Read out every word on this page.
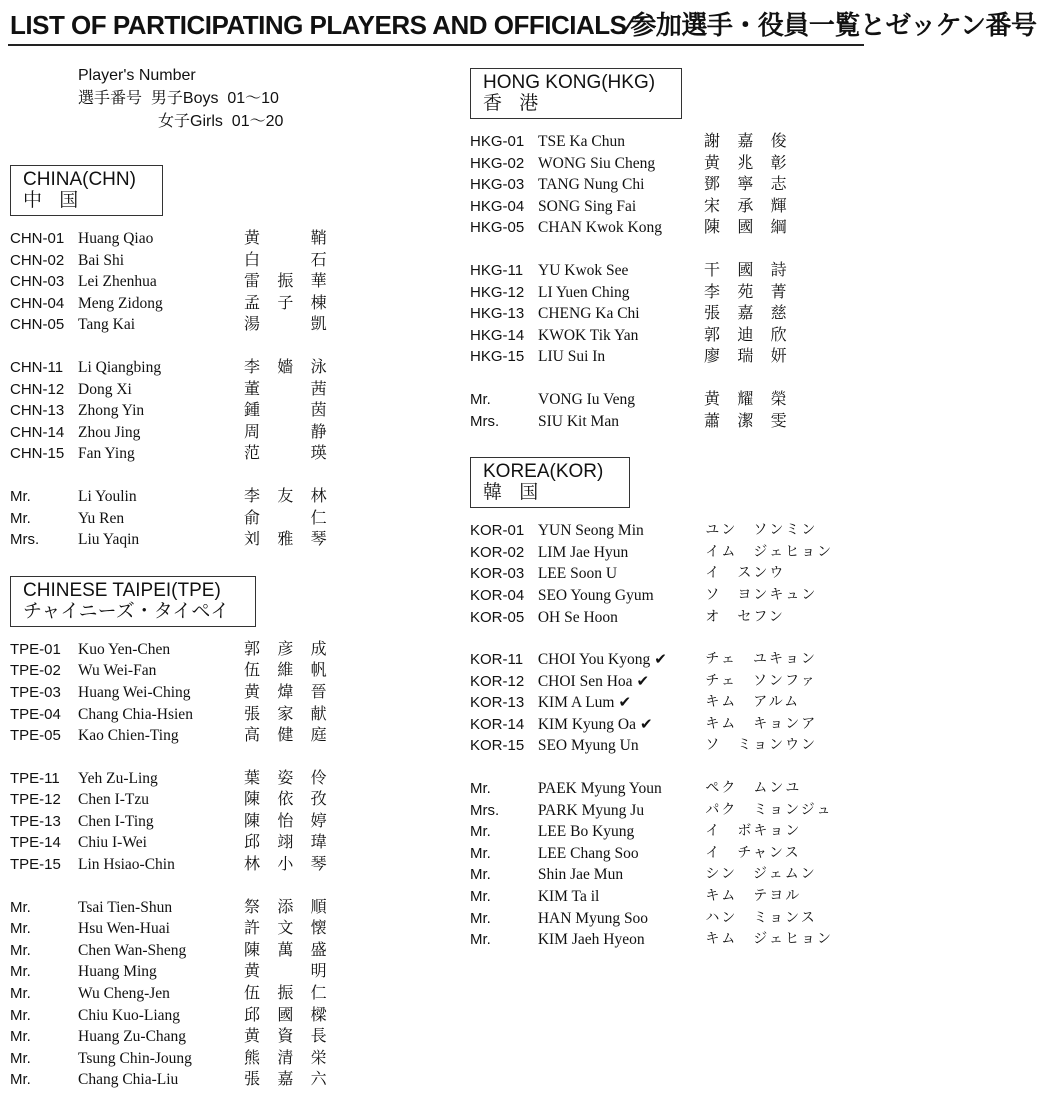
LIST OF PARTICIPATING PLAYERS AND OFFICIALS∕参加選手・役員一覧とゼッケン番号
Player's Number
選手番号  男子Boys  01～10
女子Girls  01～20
CHINA(CHN)
中 国
CHN-01 Huang Qiao	黄	鞘
CHN-02 Bai Shi	白	石
CHN-03 Lei Zhenhua	雷	振	華
CHN-04 Meng Zidong	孟	子	棟
CHN-05 Tang Kai	湯	凱
CHN-11 Li Qiangbing	李	嬙	泳
CHN-12 Dong Xi	董	茜
CHN-13 Zhong Yin	鍾	茵
CHN-14 Zhou Jing	周	静
CHN-15 Fan Ying	范	瑛
Mr.	Li Youlin	李	友	林
Mr.	Yu Ren	俞	仁
Mrs.	Liu Yaqin	刘	雅	琴
CHINESE TAIPEI(TPE)
チャイニーズ・タイペイ
TPE-01	Kuo Yen-Chen	郭	彦	成
TPE-02	Wu Wei-Fan	伍	維	帆
TPE-03	Huang Wei-Ching	黄	煒	晉
TPE-04	Chang Chia-Hsien	張	家	献
TPE-05	Kao Chien-Ting	高	健	庭
TPE-11	Yeh Zu-Ling	葉	姿	伶
TPE-12	Chen I-Tzu	陳	依	孜
TPE-13	Chen I-Ting	陳	怡	婷
TPE-14	Chiu I-Wei	邱	翊	瑋
TPE-15	Lin Hsiao-Chin	林	小	琴
Mr.	Tsai Tien-Shun	祭	添	順
Mr.	Hsu Wen-Huai	許	文	懐
Mr.	Chen Wan-Sheng	陳	萬	盛
Mr.	Huang Ming	黄	明
Mr.	Wu Cheng-Jen	伍	振	仁
Mr.	Chiu Kuo-Liang	邱	國	樑
Mr.	Huang Zu-Chang	黄	資	長
Mr.	Tsung Chin-Joung	熊	清	栄
Mr.	Chang Chia-Liu	張	嘉	六
HONG KONG(HKG)
香 港
HKG-01 TSE Ka Chun	謝	嘉	俊
HKG-02 WONG Siu Cheng	黄	兆	彰
HKG-03 TANG Nung Chi	鄧	寧	志
HKG-04 SONG Sing Fai	宋	承	輝
HKG-05 CHAN Kwok Kong	陳	國	綱
HKG-11 YU Kwok See	干	國	詩
HKG-12 LI Yuen Ching	李	苑	菁
HKG-13 CHENG Ka Chi	張	嘉	慈
HKG-14 KWOK Tik Yan	郭	迪	欣
HKG-15 LIU Sui In	廖	瑞	妍
Mr.	VONG Iu Veng	黄	耀	榮
Mrs.	SIU Kit Man	蕭	潔	雯
KOREA(KOR)
韓 国
KOR-01 YUN Seong Min	ユン　ソンミン
KOR-02 LIM Jae Hyun	イム　ジェヒョン
KOR-03 LEE Soon U	イ　スンウ
KOR-04 SEO Young Gyum	ソ　ヨンキュン
KOR-05 OH Se Hoon	オ　セフン
KOR-11 CHOI You Kyong ✔	チェ　ユキョン
KOR-12 CHOI Sen Hoa ✔	チェ　ソンファ
KOR-13 KIM A Lum ✔	キム　アルム
KOR-14 KIM Kyung Oa ✔	キム　キョンア
KOR-15 SEO Myung Un	ソ　ミョンウン
Mr.	PAEK Myung Youn	ペク　ムンユ
Mrs.	PARK Myung Ju	パク　ミョンジュ
Mr.	LEE Bo Kyung	イ　ボキョン
Mr.	LEE Chang Soo	イ　チャンス
Mr.	Shin Jae Mun	シン　ジェムン
Mr.	KIM Ta il	キム　テヨル
Mr.	HAN Myung Soo	ハン　ミョンス
Mr.	KIM Jaeh Hyeon	キム　ジェヒョン
